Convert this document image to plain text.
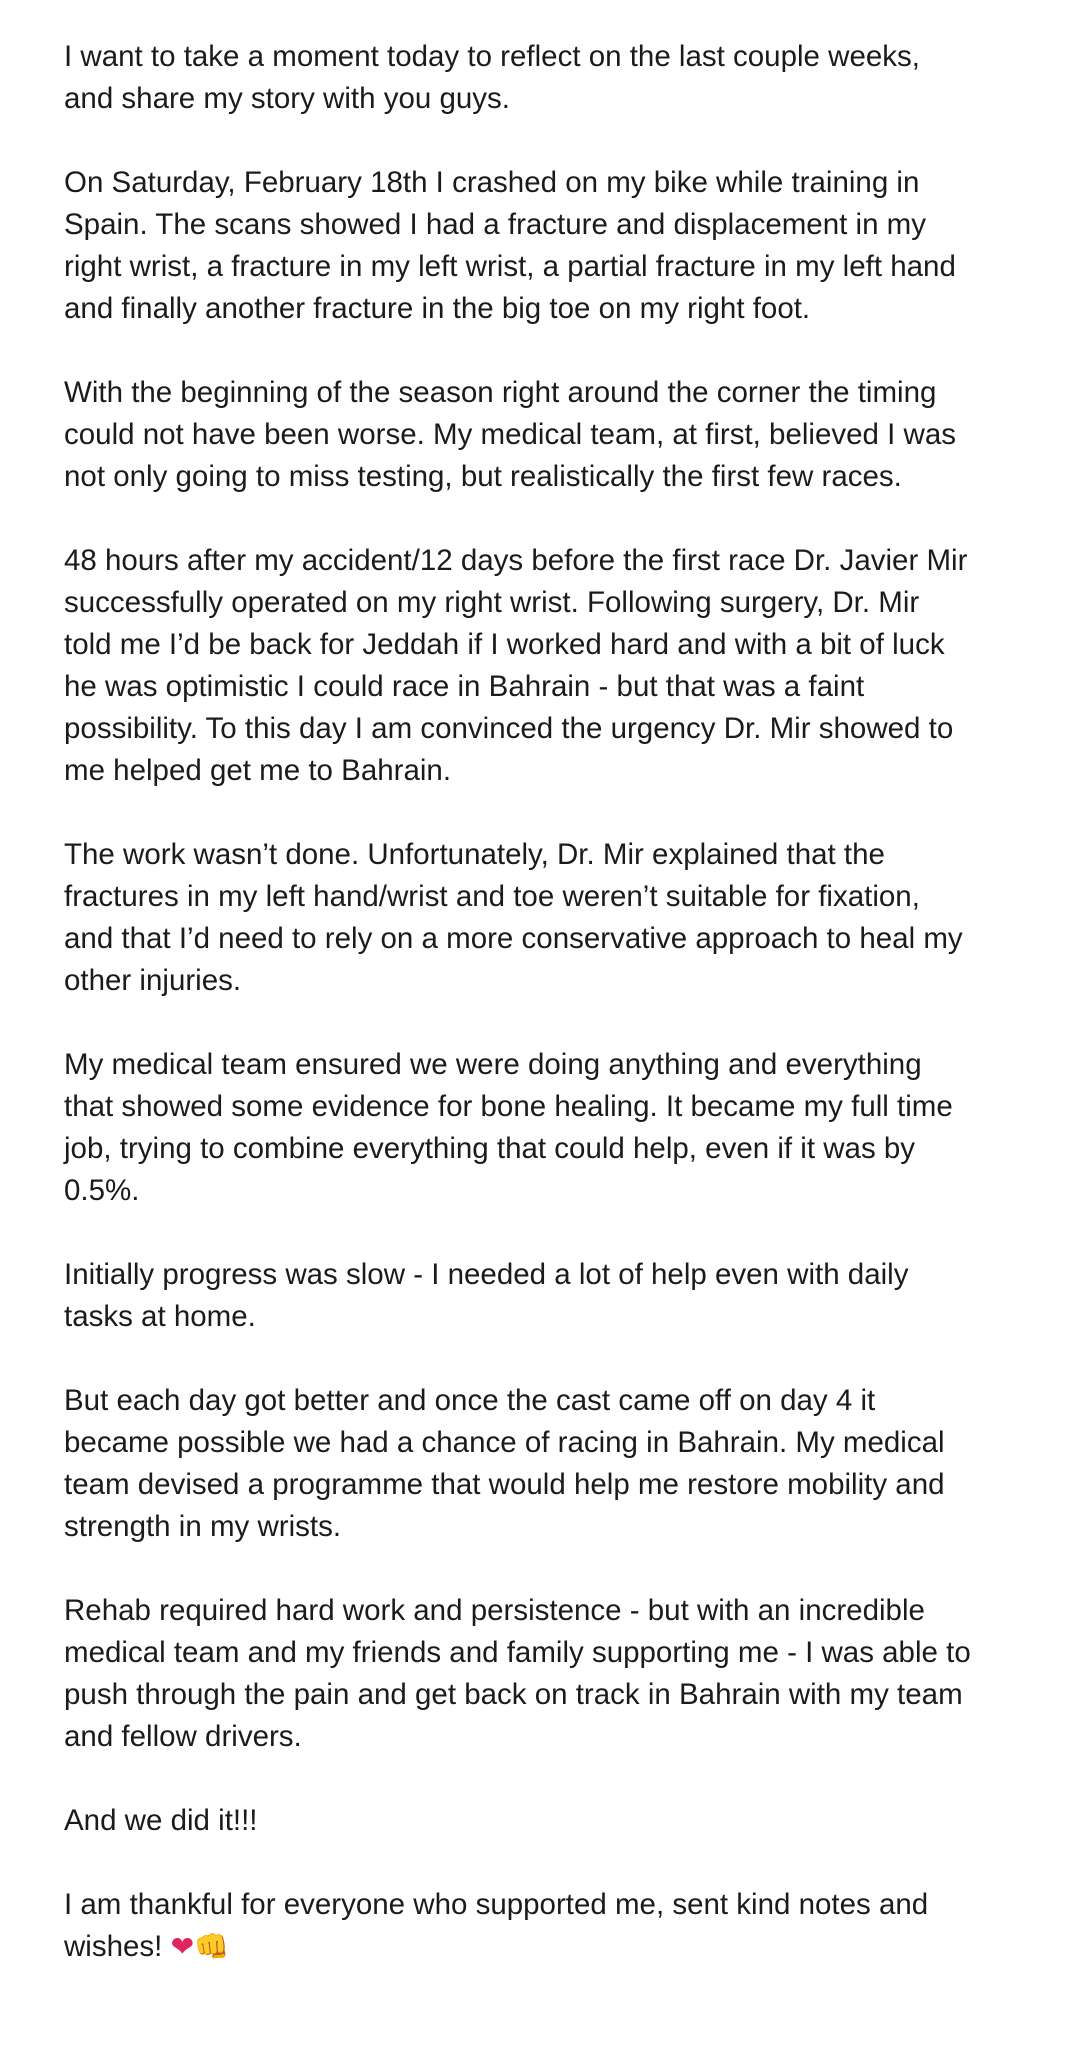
I want to take a moment today to reflect on the last couple weeks,
and share my story with you guys.

On Saturday, February 18th I crashed on my bike while training in
Spain. The scans showed I had a fracture and displacement in my
right wrist, a fracture in my left wrist, a partial fracture in my left hand
and finally another fracture in the big toe on my right foot.

With the beginning of the season right around the corner the timing
could not have been worse. My medical team, at first, believed I was
not only going to miss testing, but realistically the first few races.

48 hours after my accident/12 days before the first race Dr. Javier Mir
successfully operated on my right wrist. Following surgery, Dr. Mir
told me I’d be back for Jeddah if I worked hard and with a bit of luck
he was optimistic I could race in Bahrain - but that was a faint
possibility. To this day I am convinced the urgency Dr. Mir showed to
me helped get me to Bahrain.

The work wasn’t done. Unfortunately, Dr. Mir explained that the
fractures in my left hand/wrist and toe weren’t suitable for fixation,
and that I’d need to rely on a more conservative approach to heal my
other injuries.

My medical team ensured we were doing anything and everything
that showed some evidence for bone healing. It became my full time
job, trying to combine everything that could help, even if it was by
0.5%.

Initially progress was slow - I needed a lot of help even with daily
tasks at home.

But each day got better and once the cast came off on day 4 it
became possible we had a chance of racing in Bahrain. My medical
team devised a programme that would help me restore mobility and
strength in my wrists.

Rehab required hard work and persistence - but with an incredible
medical team and my friends and family supporting me - I was able to
push through the pain and get back on track in Bahrain with my team
and fellow drivers.

And we did it!!!

I am thankful for everyone who supported me, sent kind notes and
wishes! ❤👊
